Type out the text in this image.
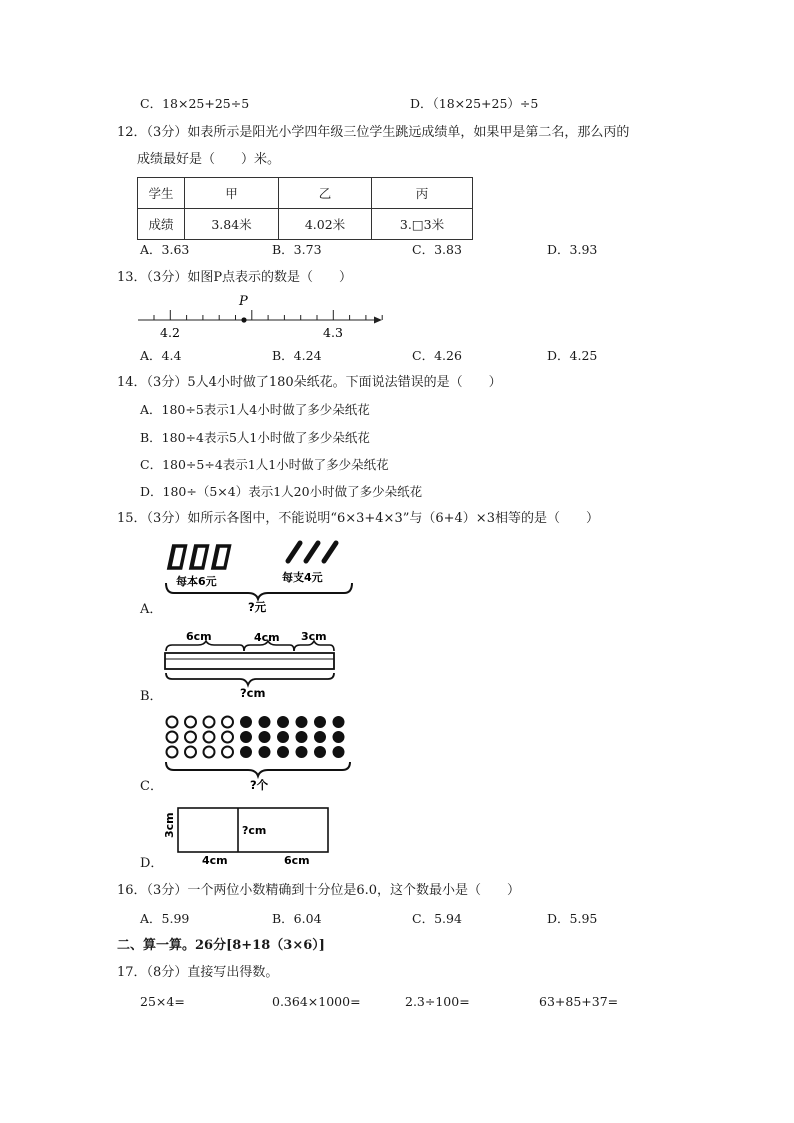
C．18×25+25÷5	D．（18×25+25）÷5
12．（3分）如表所示是阳光小学四年级三位学生跳远成绩单，如果甲是第二名，那么丙的
成绩最好是（　　）米。
学生	甲	乙	丙
成绩	3.84米	4.02米	3.□3米
A．3.63	B．3.73	C．3.83	D．3.93
13．（3分）如图P点表示的数是（　　）
P
4.2	4.3
A．4.4	B．4.24	C．4.26	D．4.25
14．（3分）5人4小时做了180朵纸花。下面说法错误的是（　　）
A．180÷5表示1人4小时做了多少朵纸花
B．180÷4表示5人1小时做了多少朵纸花
C．180÷5÷4表示1人1小时做了多少朵纸花
D．180÷（5×4）表示1人20小时做了多少朵纸花
15．（3分）如所示各图中，不能说明“6×3+4×3”与（6+4）×3相等的是（　　）
每本6元	每支4元
?元
A．
6cm	4cm 3cm
?cm
B．
?个
C．
3cm	?cm
4cm	6cm
D．
16．（3分）一个两位小数精确到十分位是6.0，这个数最小是（　　）
A．5.99	B．6.04	C．5.94	D．5.95
二、算一算。26分[8+18（3×6）]
17．（8分）直接写出得数。
25×4=	0.364×1000=	2.3÷100=	63+85+37=
